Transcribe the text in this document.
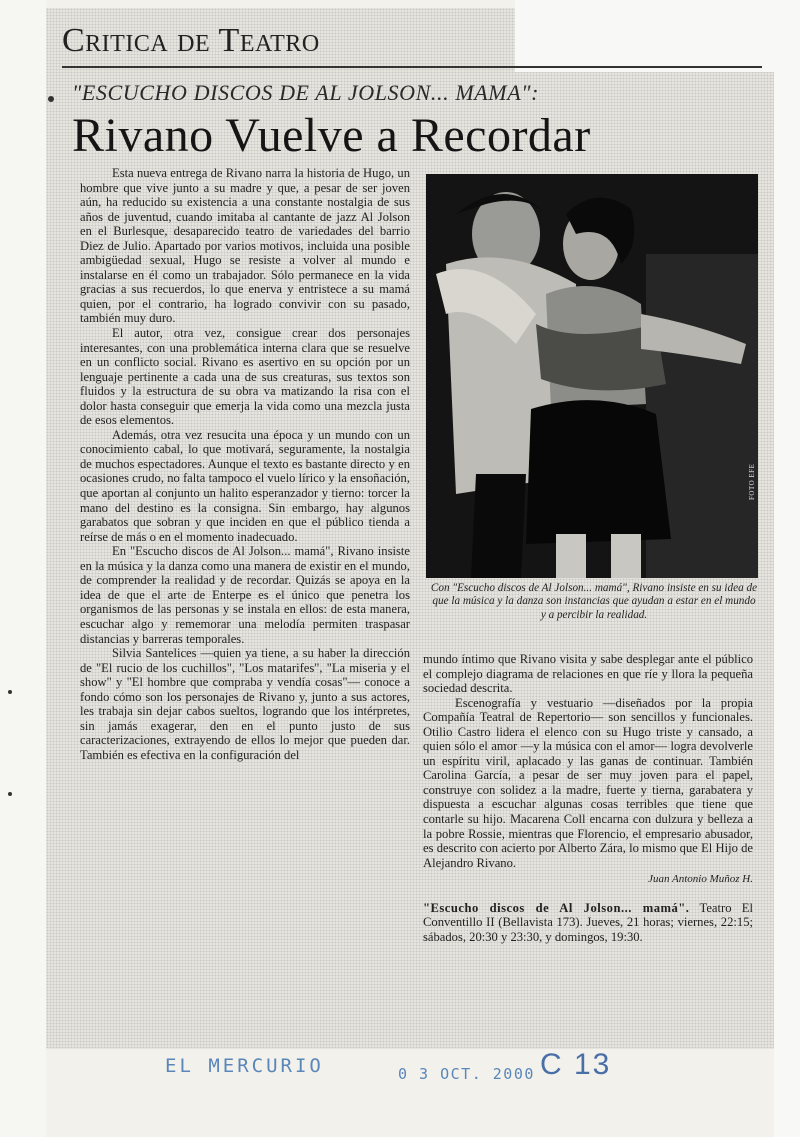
Critica de Teatro
"ESCUCHO DISCOS DE AL JOLSON... MAMA":
Rivano Vuelve a Recordar

Esta nueva entrega de Rivano narra la historia de Hugo, un hombre que vive junto a su madre y que, a pesar de ser joven aún, ha reducido su existencia a una constante nostalgia de sus años de juventud, cuando imitaba al cantante de jazz Al Jolson en el Burlesque, desaparecido teatro de variedades del barrio Diez de Julio. Apartado por varios motivos, incluida una posible ambigüedad sexual, Hugo se resiste a volver al mundo e instalarse en él como un trabajador. Sólo permanece en la vida gracias a sus recuerdos, lo que enerva y entristece a su mamá quien, por el contrario, ha logrado convivir con su pasado, también muy duro.

El autor, otra vez, consigue crear dos personajes interesantes, con una problemática interna clara que se resuelve en un conflicto social. Rivano es asertivo en su opción por un lenguaje pertinente a cada una de sus creaturas, sus textos son fluidos y la estructura de su obra va matizando la risa con el dolor hasta conseguir que emerja la vida como una mezcla justa de esos elementos.

Además, otra vez resucita una época y un mundo con un conocimiento cabal, lo que motivará, seguramente, la nostalgia de muchos espectadores. Aunque el texto es bastante directo y en ocasiones crudo, no falta tampoco el vuelo lírico y la ensoñación, que aportan al conjunto un halito esperanzador y tierno: torcer la mano del destino es la consigna. Sin embargo, hay algunos garabatos que sobran y que inciden en que el público tienda a reírse de más o en el momento inadecuado.

En "Escucho discos de Al Jolson... mamá", Rivano insiste en la música y la danza como una manera de existir en el mundo, de comprender la realidad y de recordar. Quizás se apoya en la idea de que el arte de Enterpe es el único que penetra los organismos de las personas y se instala en ellos: de esta manera, escuchar algo y rememorar una melodía permiten traspasar distancias y barreras temporales.

Silvia Santelices —quien ya tiene, a su haber la dirección de "El rucio de los cuchillos", "Los matarifes", "La miseria y el show" y "El hombre que compraba y vendía cosas"— conoce a fondo cómo son los personajes de Rivano y, junto a sus actores, les trabaja sin dejar cabos sueltos, logrando que los intérpretes, sin jamás exagerar, den en el punto justo de sus caracterizaciones, extrayendo de ellos lo mejor que pueden dar. También es efectiva en la configuración del

FOTO EFE
Con "Escucho discos de Al Jolson... mamá", Rivano insiste en su idea de que la música y la danza son instancias que ayudan a estar en el mundo y a percibir la realidad.

mundo íntimo que Rivano visita y sabe desplegar ante el público el complejo diagrama de relaciones en que ríe y llora la pequeña sociedad descrita.

Escenografía y vestuario —diseñados por la propia Compañía Teatral de Repertorio— son sencillos y funcionales. Otilio Castro lidera el elenco con su Hugo triste y cansado, a quien sólo el amor —y la música con el amor— logra devolverle un espíritu viril, aplacado y las ganas de continuar. También Carolina García, a pesar de ser muy joven para el papel, construye con solidez a la madre, fuerte y tierna, garabatera y dispuesta a escuchar algunas cosas terribles que tiene que contarle su hijo. Macarena Coll encarna con dulzura y belleza a la pobre Rossie, mientras que Florencio, el empresario abusador, es descrito con acierto por Alberto Zára, lo mismo que El Hijo de Alejandro Rivano.

Juan Antonio Muñoz H.
"Escucho discos de Al Jolson... mamá". Teatro El Conventillo II (Bellavista 173). Jueves, 21 horas; viernes, 22:15; sábados, 20:30 y 23:30, y domingos, 19:30.
EL MERCURIO	0 3 OCT. 2000 C 13
